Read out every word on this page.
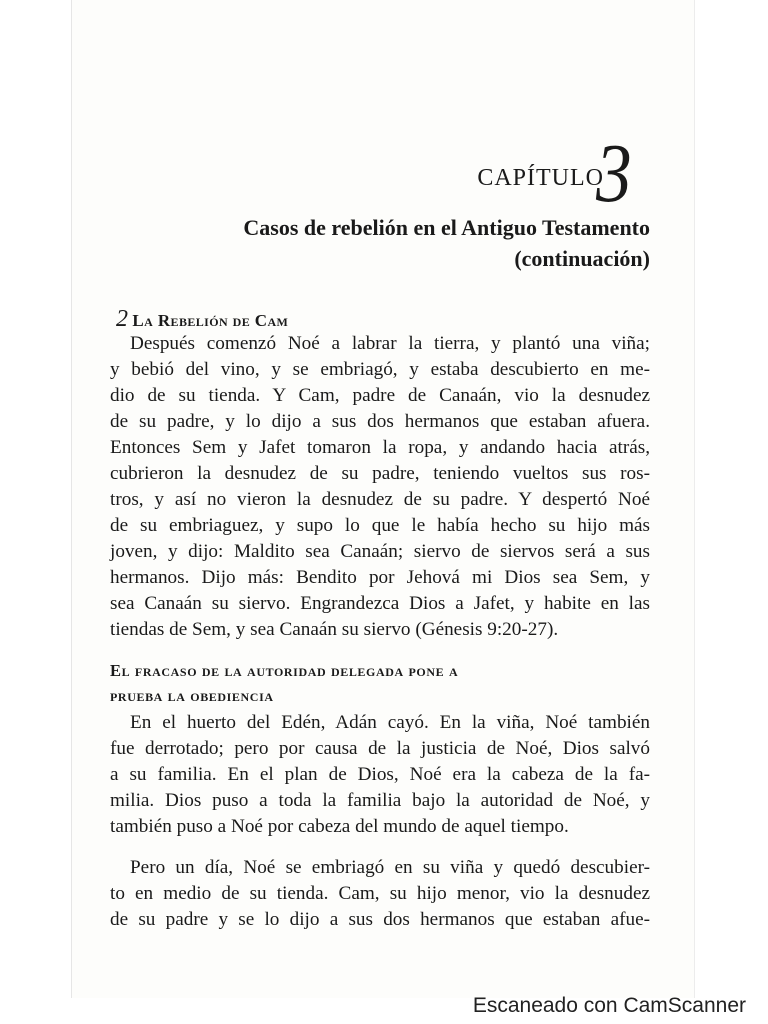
CAPÍTULO
3
Casos de rebelión en el Antiguo Testamento
(continuación)
2 La Rebelión de Cam
Después comenzó Noé a labrar la tierra, y plantó una viña;
y bebió del vino, y se embriagó, y estaba descubierto en me-
dio de su tienda. Y Cam, padre de Canaán, vio la desnudez
de su padre, y lo dijo a sus dos hermanos que estaban afuera.
Entonces Sem y Jafet tomaron la ropa, y andando hacia atrás,
cubrieron la desnudez de su padre, teniendo vueltos sus ros-
tros, y así no vieron la desnudez de su padre. Y despertó Noé
de su embriaguez, y supo lo que le había hecho su hijo más
joven, y dijo: Maldito sea Canaán; siervo de siervos será a sus
hermanos. Dijo más: Bendito por Jehová mi Dios sea Sem, y
sea Canaán su siervo. Engrandezca Dios a Jafet, y habite en las
tiendas de Sem, y sea Canaán su siervo (Génesis 9:20-27).
El fracaso de la autoridad delegada pone a
prueba la obediencia
En el huerto del Edén, Adán cayó. En la viña, Noé también
fue derrotado; pero por causa de la justicia de Noé, Dios salvó
a su familia. En el plan de Dios, Noé era la cabeza de la fa-
milia. Dios puso a toda la familia bajo la autoridad de Noé, y
también puso a Noé por cabeza del mundo de aquel tiempo.
Pero un día, Noé se embriagó en su viña y quedó descubier-
to en medio de su tienda. Cam, su hijo menor, vio la desnudez
de su padre y se lo dijo a sus dos hermanos que estaban afue-
Escaneado con CamScanner
